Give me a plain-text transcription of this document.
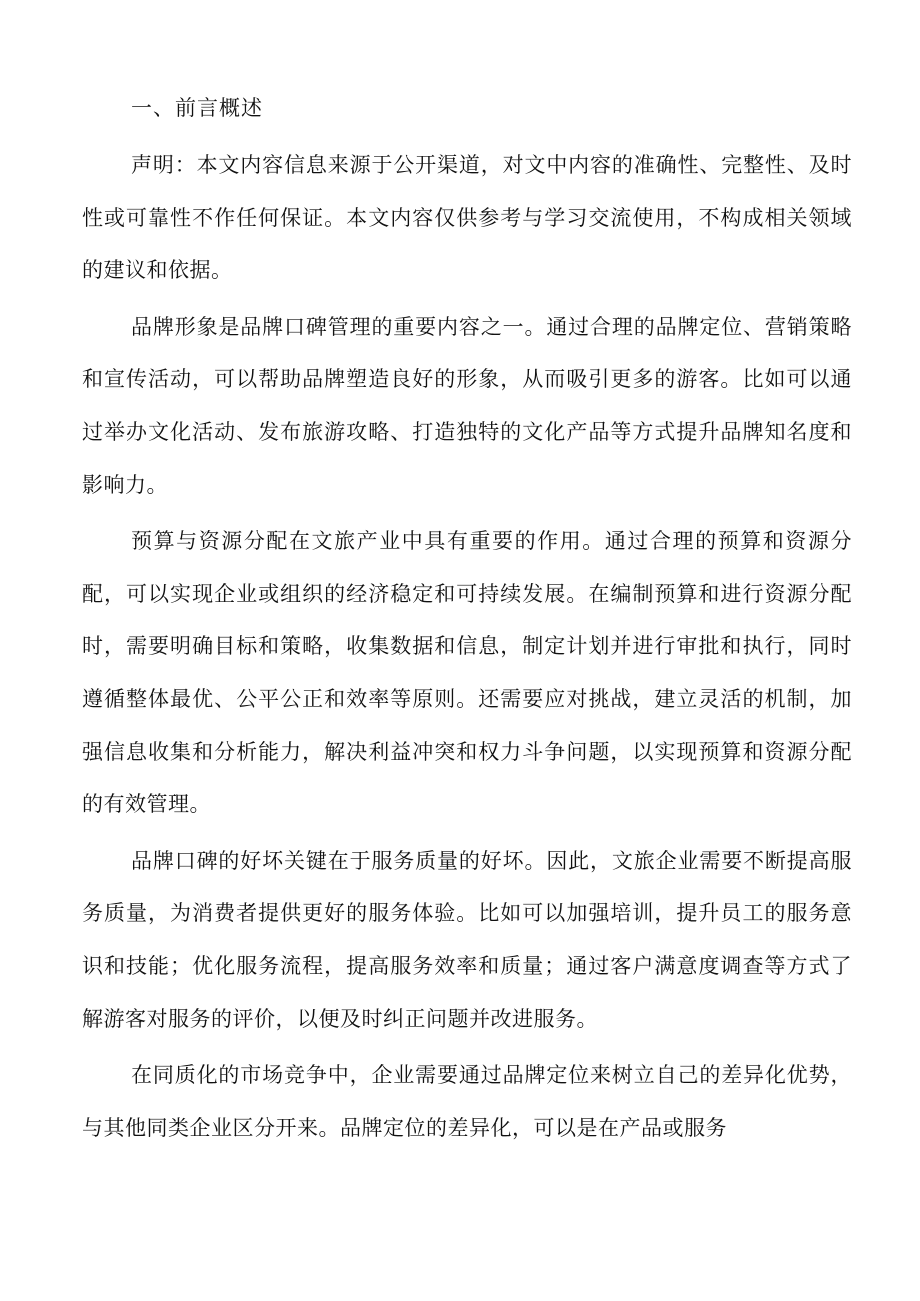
一、前言概述

声明：本文内容信息来源于公开渠道，对文中内容的准确性、完整性、及时性或可靠性不作任何保证。本文内容仅供参考与学习交流使用，不构成相关领域的建议和依据。

品牌形象是品牌口碑管理的重要内容之一。通过合理的品牌定位、营销策略和宣传活动，可以帮助品牌塑造良好的形象，从而吸引更多的游客。比如可以通过举办文化活动、发布旅游攻略、打造独特的文化产品等方式提升品牌知名度和影响力。

预算与资源分配在文旅产业中具有重要的作用。通过合理的预算和资源分配，可以实现企业或组织的经济稳定和可持续发展。在编制预算和进行资源分配时，需要明确目标和策略，收集数据和信息，制定计划并进行审批和执行，同时遵循整体最优、公平公正和效率等原则。还需要应对挑战，建立灵活的机制，加强信息收集和分析能力，解决利益冲突和权力斗争问题，以实现预算和资源分配的有效管理。

品牌口碑的好坏关键在于服务质量的好坏。因此，文旅企业需要不断提高服务质量，为消费者提供更好的服务体验。比如可以加强培训，提升员工的服务意识和技能；优化服务流程，提高服务效率和质量；通过客户满意度调查等方式了解游客对服务的评价，以便及时纠正问题并改进服务。

在同质化的市场竞争中，企业需要通过品牌定位来树立自己的差异化优势，与其他同类企业区分开来。品牌定位的差异化，可以是在产品或服务
